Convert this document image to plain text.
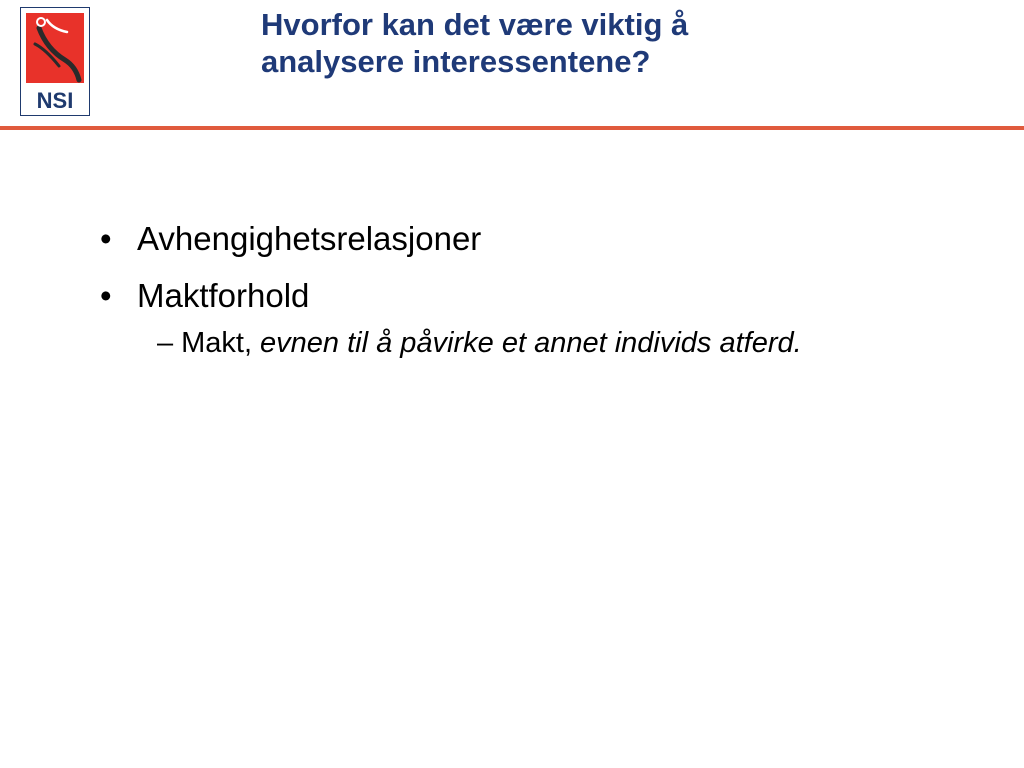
NSI
Hvorfor kan det være viktig å
analysere interessentene?
• Avhengighetsrelasjoner
• Maktforhold
– Makt, evnen til å påvirke et annet individs atferd.
